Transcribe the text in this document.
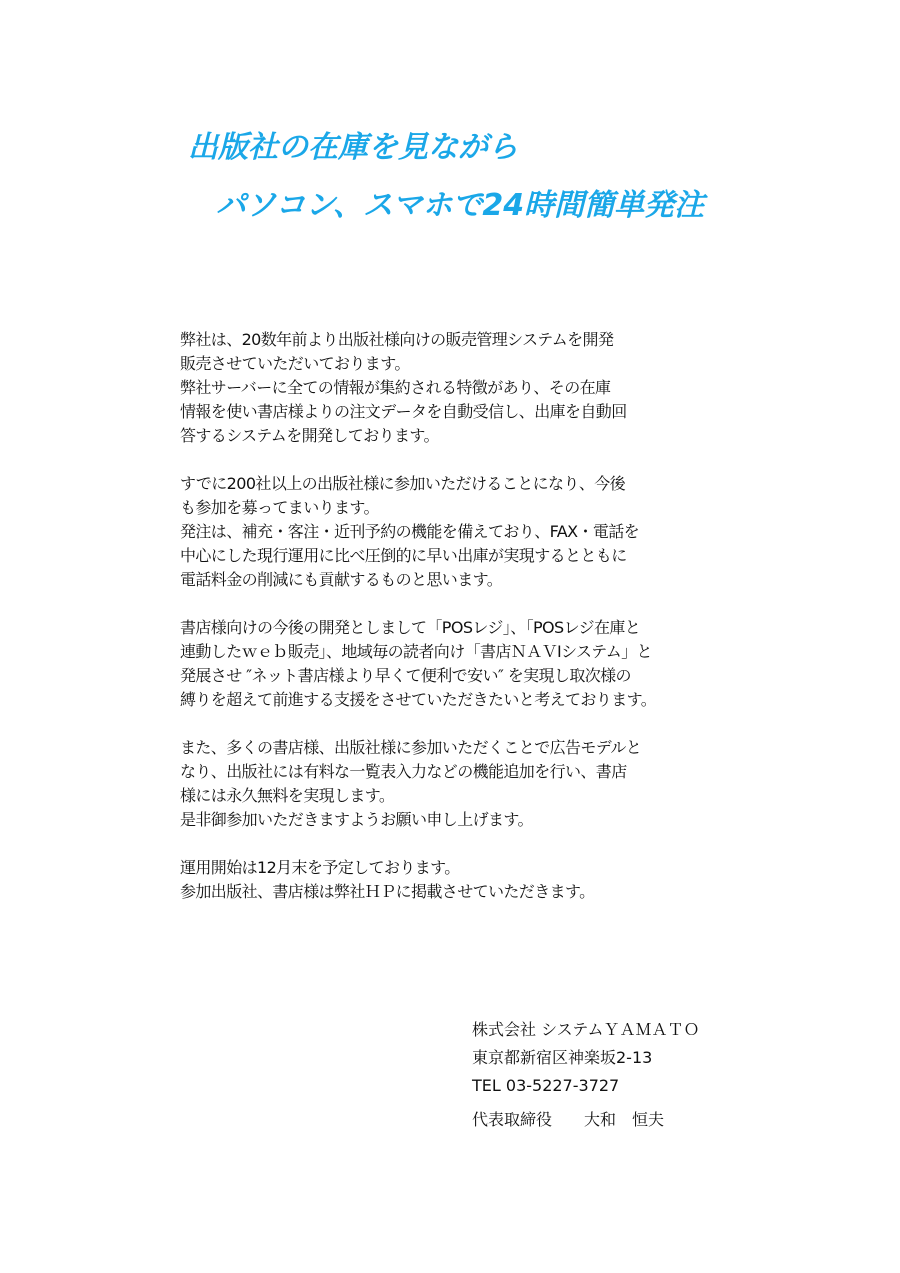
出版社の在庫を見ながら
パソコン、スマホで24時間簡単発注

弊社は、20数年前より出版社様向けの販売管理システムを開発
販売させていただいております。
弊社サーバーに全ての情報が集約される特徴があり、その在庫
情報を使い書店様よりの注文データを自動受信し、出庫を自動回
答するシステムを開発しております。

すでに200社以上の出版社様に参加いただけることになり、今後
も参加を募ってまいります。
発注は、補充・客注・近刊予約の機能を備えており、FAX・電話を
中心にした現行運用に比べ圧倒的に早い出庫が実現するとともに
電話料金の削減にも貢献するものと思います。

書店様向けの今後の開発としまして「POSレジ」、「POSレジ在庫と
連動したｗｅｂ販売」、地域毎の読者向け「書店ＮＡＶIシステム」と
発展させ ″ネット書店様より早くて便利で安い″ を実現し取次様の
縛りを超えて前進する支援をさせていただきたいと考えております。

また、多くの書店様、出版社様に参加いただくことで広告モデルと
なり、出版社には有料な一覧表入力などの機能追加を行い、書店
様には永久無料を実現します。
是非御参加いただきますようお願い申し上げます。

運用開始は12月末を予定しております。
参加出版社、書店様は弊社ＨＰに掲載させていただきます。

株式会社 システムＹＡＭＡＴＯ
東京都新宿区神楽坂2-13
TEL 03-5227-3727
代表取締役　　大和　恒夫
